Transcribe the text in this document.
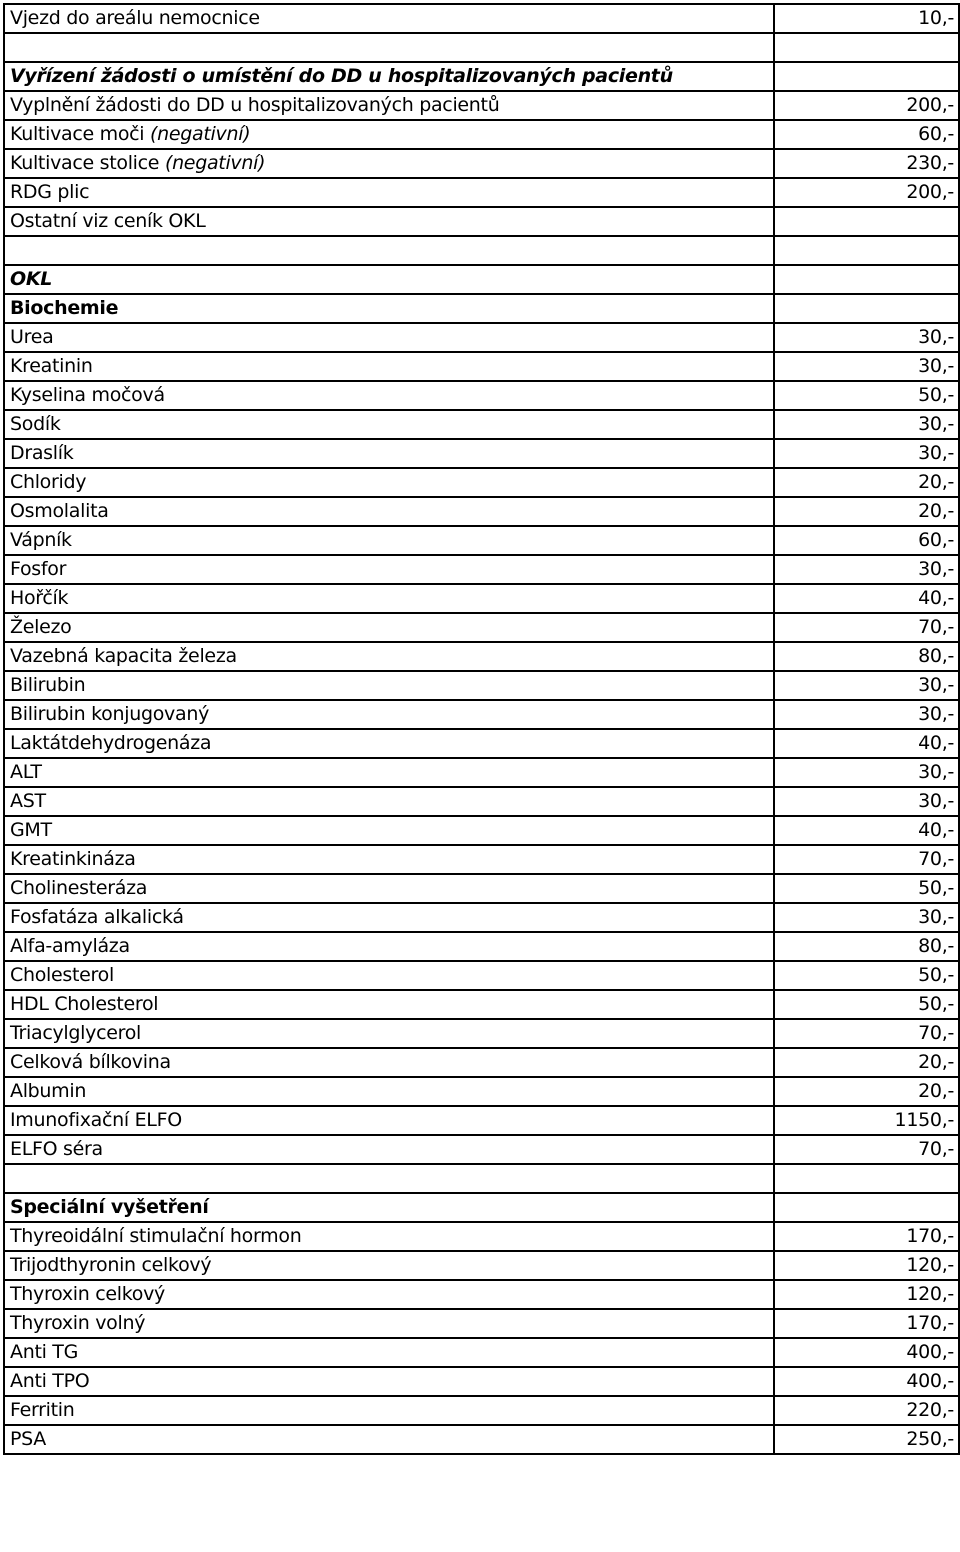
Vjezd do areálu nemocnice	10,-

Vyřízení žádosti o umístění do DD u hospitalizovaných pacientů	
Vyplnění žádosti do DD u hospitalizovaných pacientů	200,-
Kultivace moči (negativní)	60,-
Kultivace stolice (negativní)	230,-
RDG plic	200,-
Ostatní viz ceník OKL	

OKL	
Biochemie	
Urea	30,-
Kreatinin	30,-
Kyselina močová	50,-
Sodík	30,-
Draslík	30,-
Chloridy	20,-
Osmolalita	20,-
Vápník	60,-
Fosfor	30,-
Hořčík	40,-
Železo	70,-
Vazebná kapacita železa	80,-
Bilirubin	30,-
Bilirubin konjugovaný	30,-
Laktátdehydrogenáza	40,-
ALT	30,-
AST	30,-
GMT	40,-
Kreatinkináza	70,-
Cholinesteráza	50,-
Fosfatáza alkalická	30,-
Alfa-amyláza	80,-
Cholesterol	50,-
HDL Cholesterol	50,-
Triacylglycerol	70,-
Celková bílkovina	20,-
Albumin	20,-
Imunofixační ELFO	1150,-
ELFO séra	70,-

Speciální vyšetření	
Thyreoidální stimulační hormon	170,-
Trijodthyronin celkový	120,-
Thyroxin celkový	120,-
Thyroxin volný	170,-
Anti TG	400,-
Anti TPO	400,-
Ferritin	220,-
PSA	250,-
